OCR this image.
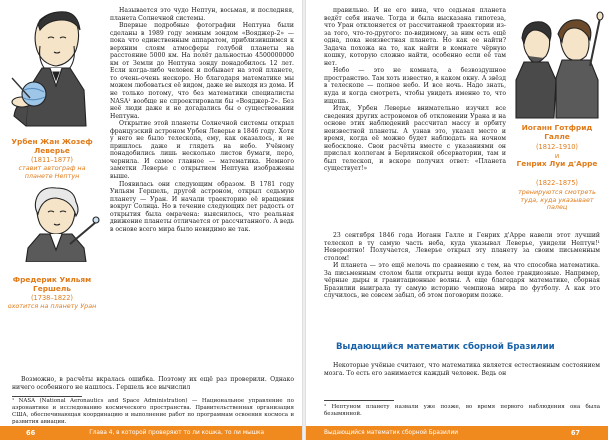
Урбен Жан Жозеф Леверье
(1811–1877)
ставит автограф на планете Нептун
Фредерик Уильям Гершель
(1738–1822)
охотится на планету Уран

Называется это чудо Нептун, восьмая, и последняя, планета Солнечной системы.

Впервые подробные фотографии Нептуна были сделаны в 1989 году земным зондом «Вояджер-2» — пока что единственным аппаратом, приблизившимся к верхним слоям атмосферы голубой планеты на расстояние 5000 км. На полёт дальностью 4500000000 км от Земли до Нептуна зонду понадобилось 12 лет. Если когда-либо человек и побывает на этой планете, то очень-очень нескоро. Но благодаря математике мы можем любоваться её видом, даже не выходя из дома. И не только потому, что без математики специалисты NASA¹ вообще не спроектировали бы «Вояджер-2». Без неё люди даже и не догадались бы о существовании Нептуна.

Открытие этой планеты Солнечной системы открыл французский астроном Урбен Леверье в 1846 году. Хотя у него не было телескопа, ему, как оказалось, и не пришлось даже и глядеть на небо. Учёному понадобились лишь несколько листов бумаги, перо, чернила. И самое главное — математика. Немного заметки Леверье с открытием Нептуна изображены выше.

Появилась они следующим образом. В 1781 году Уильям Гершель, другой астроном, открыл седьмую планету — Уран. И начали траекторию её вращения вокруг Солнца. Но в течение следующих лет радость от открытия была омрачена: выяснилось, что реальная движение планеты отличается от рассчитанного. А ведь в основе всего мира было невидимо не так.

Возможно, в расчёты вкралась ошибка. Поэтому их ещё раз проверили. Однако ничего особенного не нашлось. Гершель все вычислил

¹ NASA (National Aeronautics and Space Administration) — Национальное управление по аэронавтике и исследованию космического пространства. Правительственная организация США, обеспечивающая координацию и выполнение работ по программам освоения космоса и развития авиации.
66	Глава 4, в которой проверяют то ли кошка, то ли мышка

правильно. И не его вина, что седьмая планета ведёт себя иначе. Тогда и была высказана гипотеза, что Уран отклоняется от рассчитанной траектории из-за того, что-то-другого: по-видимому, за ним есть ещё одна, пока неизвестная планета. Но как ее найти? Задача похожа на то, как найти в комнате чёрную кошку, которую сложно найти, особенно если её там нет.

Небо — это не комната, а безвоздушное пространство. Там хоть известно, в каком окну. А звёзд в телескопе — полное небо. И все ночь. Надо знать, куда и когда смотреть, чтобы увидеть именно то, что ищешь.

Итак, Урбен Леверье внимательно изучил все сведения других астрономов об отклонении Урана и на основе этих наблюдений рассчитал массу и орбиту неизвестной планеты. А узнав это, указал место и время, когда её можно будет наблюдать на ночном небосклоне. Свои расчёты вместе с указаниями он прислал коллегам в Берлинской обсерватории, там и был телескоп, и вскоре получил ответ: «Планета существует!»

Иоганн Готфрид Галле
(1812–1910)
и
Генрих Луи д'Арре
(1822–1875)
тренируются смотреть туда, куда указывает палец

23 сентября 1846 года Иоганн Галле и Генрих д'Арре навели этот лучший телескоп в ту самую часть неба, куда указывал Леверье, увидели Нептун!¹ Невероятно! Получается, Леверье открыл эту планету за своим письменным столом!

И планета — это ещё мелочь по сравнению с тем, на что способна математика. За письменным столом были открыты вещи куда более грандиозные. Например, чёрные дыры и гравитационные волны. А еще благодаря математике, сборная Бразилии выиграла ту самую историю чемпиона мира по футболу. А как это случилось, не совсем забыл, об этом поговорим позже.

Выдающийся математик сборной Бразилии

Некоторые учёные считают, что математика является естественным состоянием мозга. То есть его занимается каждый человек. Ведь он

¹ Нептуном планету назвали уже позже, во время первого наблюдения она была безымянной.
Выдающийся математик сборной Бразилии	67
